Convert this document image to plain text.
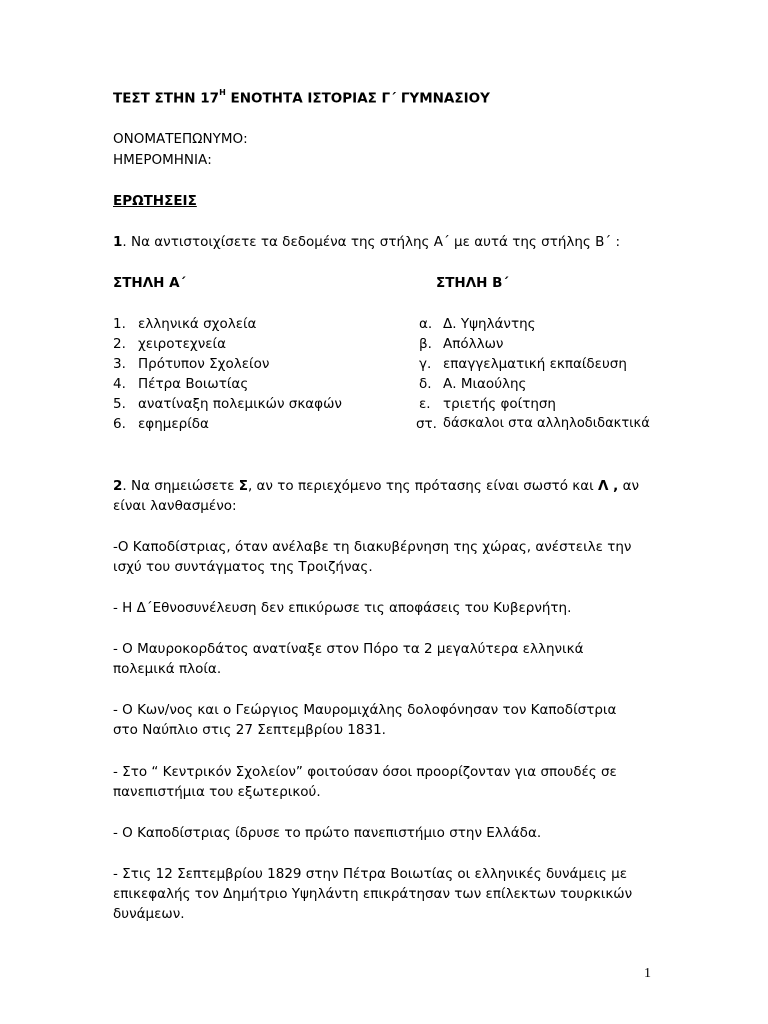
ΤΕΣΤ ΣΤΗΝ $17^H$ ΕΝΟΤΗΤΑ ΙΣΤΟΡΙΑΣ Γ΄ ΓΥΜΝΑΣΙΟΥ
ΟΝΟΜΑΤΕΠΩΝΥΜΟ:
ΗΜΕΡΟΜΗΝΙΑ:
ΕΡΩΤΗΣΕΙΣ
1. Να αντιστοιχίσετε τα δεδομένα της στήλης Α΄ με αυτά της στήλης Β΄ :
ΣΤΗΛΗ Α΄	ΣΤΗΛΗ Β΄
1. ελληνικά σχολεία
2. χειροτεχνεία
3. Πρότυπον Σχολείον
4. Πέτρα Βοιωτίας
5. ανατίναξη πολεμικών σκαφών
6. εφημερίδα
α. Δ. Υψηλάντης
β. Απόλλων
γ. επαγγελματική εκπαίδευση
δ. Α. Μιαούλης
ε. τριετής φοίτηση
στ. δάσκαλοι στα αλληλοδιδακτικά
2. Να σημειώσετε Σ, αν το περιεχόμενο της πρότασης είναι σωστό και Λ , αν
είναι λανθασμένο:
-Ο Καποδίστριας, όταν ανέλαβε τη διακυβέρνηση της χώρας, ανέστειλε την
ισχύ του συντάγματος της Τροιζήνας.
- Η Δ΄Εθνοσυνέλευση δεν επικύρωσε τις αποφάσεις του Κυβερνήτη.
- Ο Μαυροκορδάτος ανατίναξε στον Πόρο τα 2 μεγαλύτερα ελληνικά
πολεμικά πλοία.
- Ο Κων/νος και ο Γεώργιος Μαυρομιχάλης δολοφόνησαν τον Καποδίστρια
στο Ναύπλιο στις 27 Σεπτεμβρίου 1831.
- Στο “ Κεντρικόν Σχολείον” φοιτούσαν όσοι προορίζονταν για σπουδές σε
πανεπιστήμια του εξωτερικού.
- Ο Καποδίστριας ίδρυσε το πρώτο πανεπιστήμιο στην Ελλάδα.
- Στις 12 Σεπτεμβρίου 1829 στην Πέτρα Βοιωτίας οι ελληνικές δυνάμεις με
επικεφαλής τον Δημήτριο Υψηλάντη επικράτησαν των επίλεκτων τουρκικών
δυνάμεων.
1
